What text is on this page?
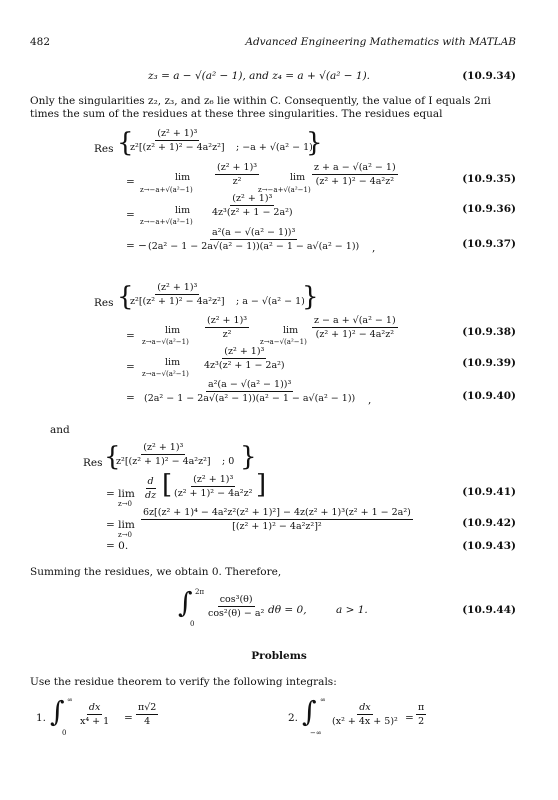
482	Advanced Engineering Mathematics with MATLAB
z₃ = a − √(a² − 1), and z₄ = a + √(a² − 1).	(10.9.34)
Only the singularities z₂, z₃, and z₆ lie within C. Consequently, the value of I equals 2πi
times the sum of the residues at these three singularities. The residues equal
Res {
$\frac{\text{(z² + 1)³}}{\text{z²[(z² + 1)² − 4a²z²]}}$ ; −a + √(a² − 1)
}
=	lim
z→−a+√(a²−1)
$\frac{\text{(z² + 1)³}}{\text{z²}}$	lim
z→−a+√(a²−1)
$\frac{\text{z + a − √(a² − 1)}}{\text{(z² + 1)² − 4a²z²}}$	(10.9.35)
=	lim
z→−a+√(a²−1)
$\frac{\text{(z² + 1)³}}{\text{4z³(z² + 1 − 2a²)}}$	(10.9.36)
= − $\frac{\text{a²(a − √(a² − 1))³}}{\text{(2a² − 1 − 2a√(a² − 1))(a² − 1 − a√(a² − 1))}}$ ,	(10.9.37)
Res {
$\frac{\text{(z² + 1)³}}{\text{z²[(z² + 1)² − 4a²z²]}}$ ; a − √(a² − 1)
}
=	lim
z→a−√(a²−1)
$\frac{\text{(z² + 1)³}}{\text{z²}}$	lim
z→a−√(a²−1)
$\frac{\text{z − a + √(a² − 1)}}{\text{(z² + 1)² − 4a²z²}}$	(10.9.38)
=	lim
z→a−√(a²−1)
$\frac{\text{(z² + 1)³}}{\text{4z³(z² + 1 − 2a²)}}$	(10.9.39)
= $\frac{\text{a²(a − √(a² − 1))³}}{\text{(2a² − 1 − 2a√(a² − 1))(a² − 1 − a√(a² − 1))}}$ ,	(10.9.40)
and
Res {
$\frac{\text{(z² + 1)³}}{\text{z²[(z² + 1)² − 4a²z²]}}$ ; 0 }
= lim
z→0
$\frac{d}{dz}$ [ $\frac{\text{(z² + 1)³}}{\text{(z² + 1)² − 4a²z²}}$ ]	(10.9.41)
= lim
z→0
$\frac{\text{6z[(z² + 1)⁴ − 4a²z²(z² + 1)²] − 4z(z² + 1)³(z² + 1 − 2a²)}}{\text{[(z² + 1)² − 4a²z²]²}}$	(10.9.42)
= 0.	(10.9.43)
Summing the residues, we obtain 0. Therefore,
∫ 2π
0
$\frac{\text{cos³(θ)}}{\text{cos²(θ) − a²}}$ dθ = 0,	a > 1.	(10.9.44)
Problems
Use the residue theorem to verify the following integrals:
1. ∫ ∞
0
$\frac{dx}{\text{x⁴ + 1}} = \frac{\pi√2}{4}$	2. ∫ ∞
−∞
$\frac{dx}{\text{(x² + 4x + 5)²}} = \frac{\pi}{2}$
